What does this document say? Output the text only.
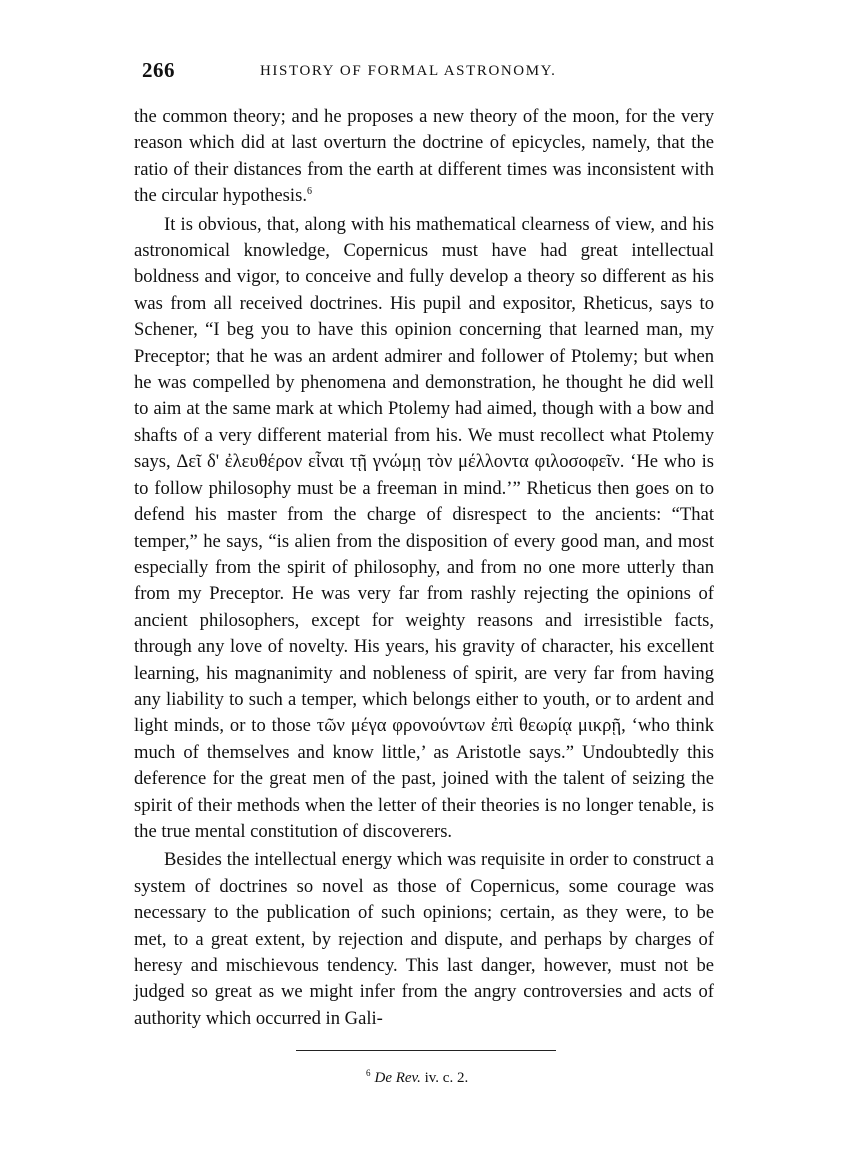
266	HISTORY OF FORMAL ASTRONOMY.

the common theory; and he proposes a new theory of the moon, for the very reason which did at last overturn the doctrine of epicycles, namely, that the ratio of their distances from the earth at different times was inconsistent with the circular hypothesis.$^6$

It is obvious, that, along with his mathematical clearness of view, and his astronomical knowledge, Copernicus must have had great intellectual boldness and vigor, to conceive and fully develop a theory so different as his was from all received doctrines. His pupil and expositor, Rheticus, says to Schener, “I beg you to have this opinion concerning that learned man, my Preceptor; that he was an ardent admirer and follower of Ptolemy; but when he was compelled by phenomena and demonstration, he thought he did well to aim at the same mark at which Ptolemy had aimed, though with a bow and shafts of a very different material from his. We must recollect what Ptolemy says, Δεῖ δ' ἐλευθέρον εἶναι τῇ γνώμῃ τὸν μέλλοντα φιλοσοφεῖν. ‘He who is to follow philosophy must be a freeman in mind.’” Rheticus then goes on to defend his master from the charge of disrespect to the ancients: “That temper,” he says, “is alien from the disposition of every good man, and most especially from the spirit of philosophy, and from no one more utterly than from my Preceptor. He was very far from rashly rejecting the opinions of ancient philosophers, except for weighty reasons and irresistible facts, through any love of novelty. His years, his gravity of character, his excellent learning, his magnanimity and nobleness of spirit, are very far from having any liability to such a temper, which belongs either to youth, or to ardent and light minds, or to those τῶν μέγα φρονούντων ἐπὶ θεωρίᾳ μικρῇ, ‘who think much of themselves and know little,’ as Aristotle says.” Undoubtedly this deference for the great men of the past, joined with the talent of seizing the spirit of their methods when the letter of their theories is no longer tenable, is the true mental constitution of discoverers.

Besides the intellectual energy which was requisite in order to construct a system of doctrines so novel as those of Copernicus, some courage was necessary to the publication of such opinions; certain, as they were, to be met, to a great extent, by rejection and dispute, and perhaps by charges of heresy and mischievous tendency. This last danger, however, must not be judged so great as we might infer from the angry controversies and acts of authority which occurred in Gali-

$^6$ De Rev. iv. c. 2.
